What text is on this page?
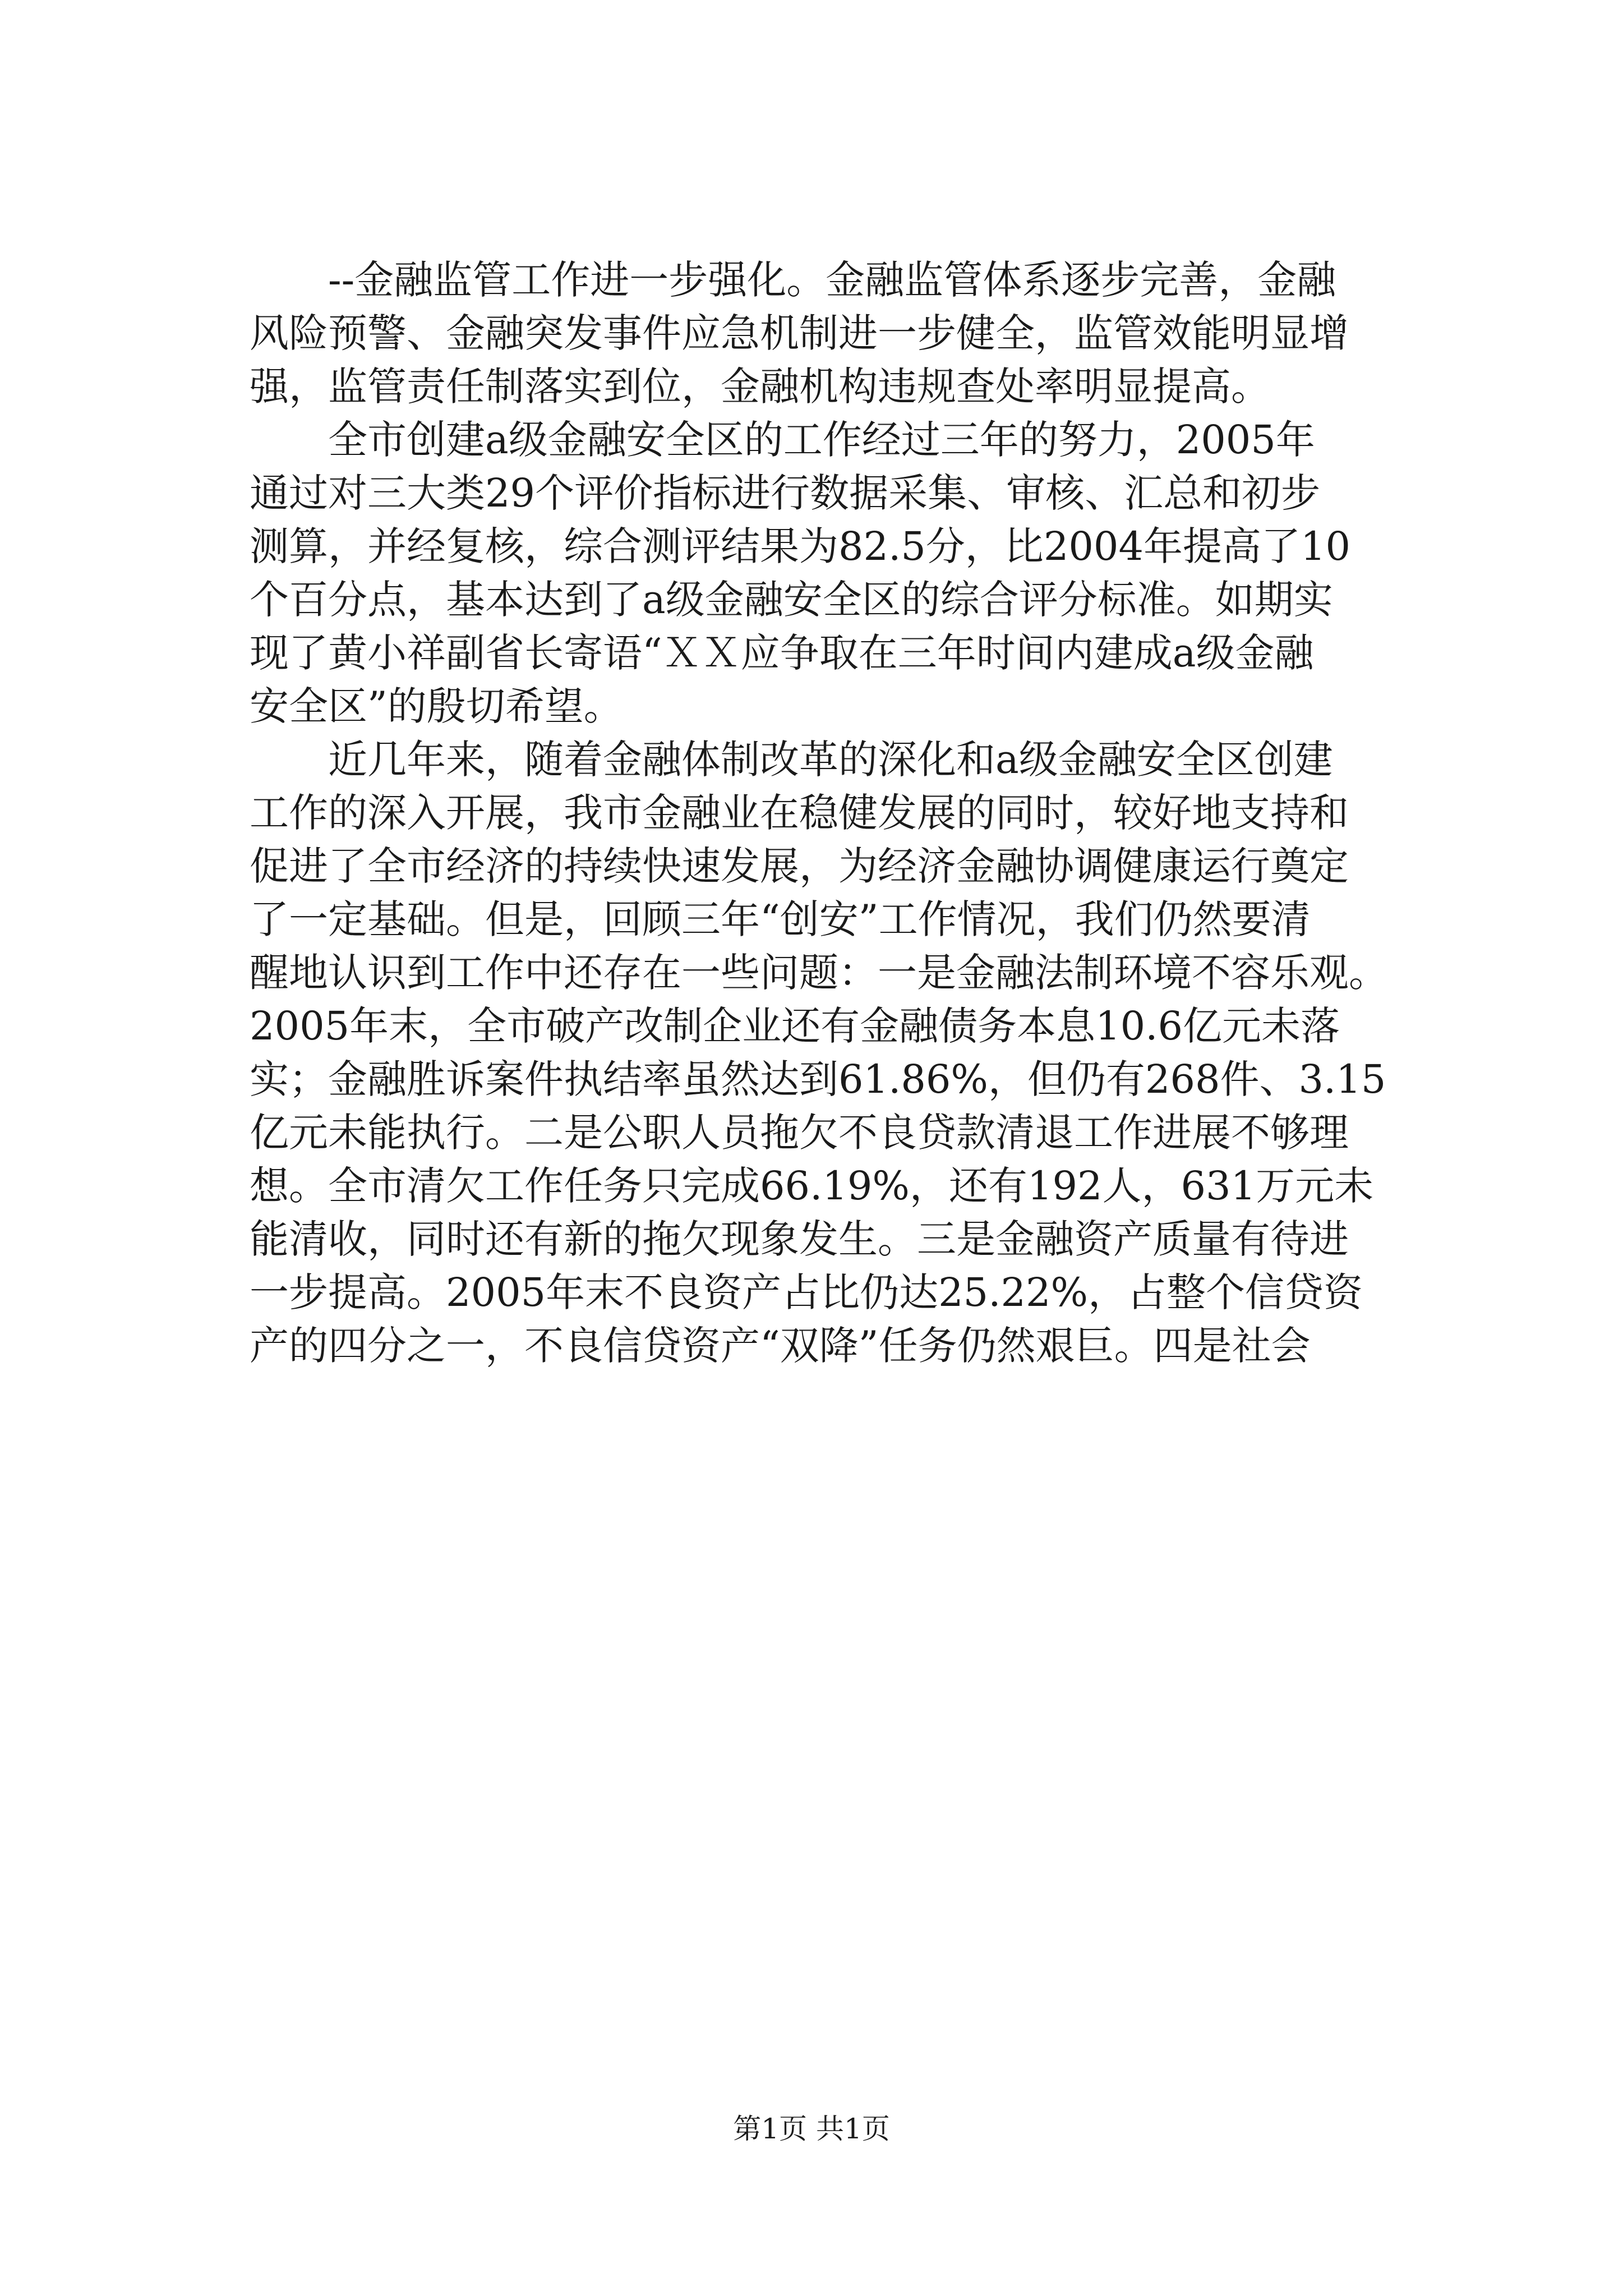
　　--金融监管工作进一步强化。金融监管体系逐步完善，金融
风险预警、金融突发事件应急机制进一步健全，监管效能明显增
强，监管责任制落实到位，金融机构违规查处率明显提高。
　　全市创建a级金融安全区的工作经过三年的努力，2005年
通过对三大类29个评价指标进行数据采集、审核、汇总和初步
测算，并经复核，综合测评结果为82.5分，比2004年提高了10
个百分点，基本达到了a级金融安全区的综合评分标准。如期实
现了黄小祥副省长寄语“ＸＸ应争取在三年时间内建成a级金融
安全区”的殷切希望。
　　近几年来，随着金融体制改革的深化和a级金融安全区创建
工作的深入开展，我市金融业在稳健发展的同时，较好地支持和
促进了全市经济的持续快速发展，为经济金融协调健康运行奠定
了一定基础。但是，回顾三年“创安”工作情况，我们仍然要清
醒地认识到工作中还存在一些问题：一是金融法制环境不容乐观。
2005年末，全市破产改制企业还有金融债务本息10.6亿元未落
实；金融胜诉案件执结率虽然达到61.86%，但仍有268件、3.15
亿元未能执行。二是公职人员拖欠不良贷款清退工作进展不够理
想。全市清欠工作任务只完成66.19%，还有192人，631万元未
能清收，同时还有新的拖欠现象发生。三是金融资产质量有待进
一步提高。2005年末不良资产占比仍达25.22%，占整个信贷资
产的四分之一，不良信贷资产“双降”任务仍然艰巨。四是社会
第1页 共1页
